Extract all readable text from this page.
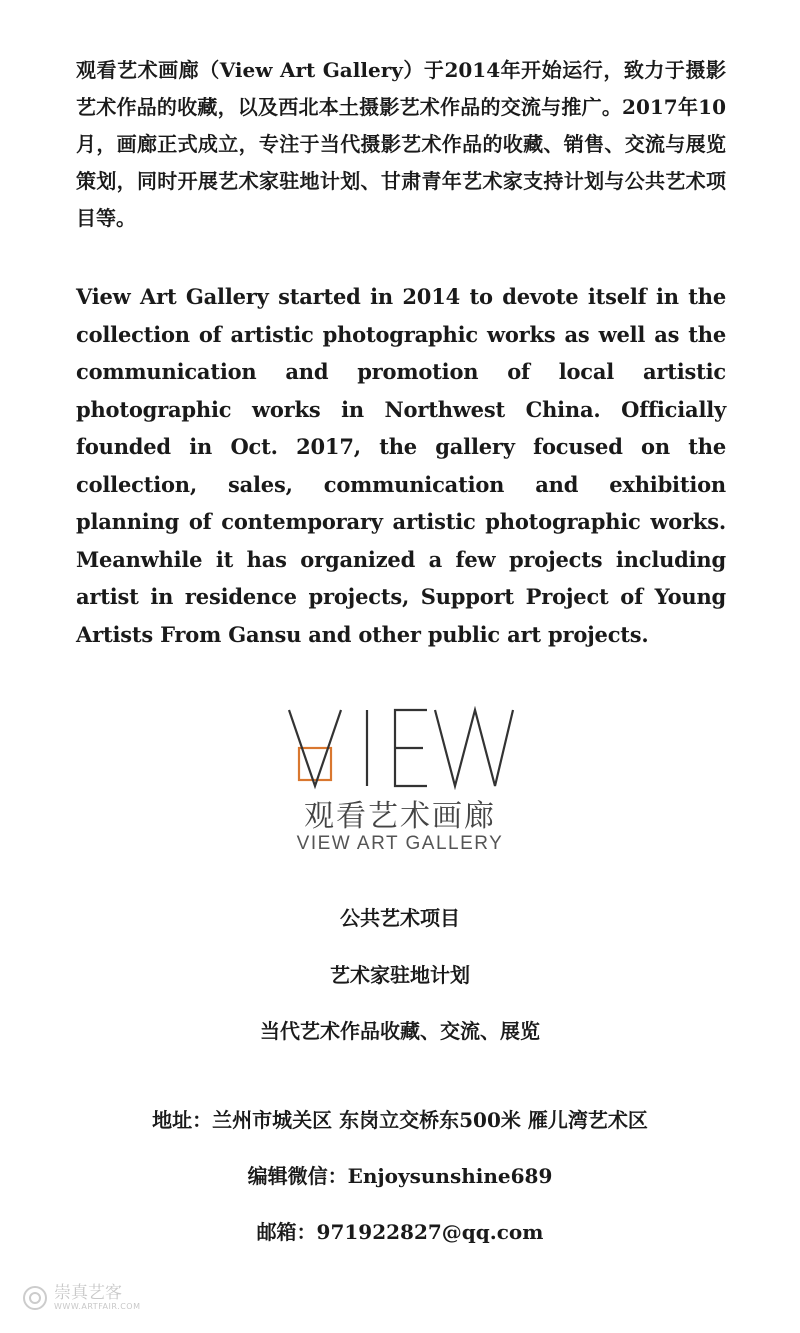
观看艺术画廊（View Art Gallery）于2014年开始运行，致力于摄影艺术作品的收藏，以及西北本土摄影艺术作品的交流与推广。2017年10月，画廊正式成立，专注于当代摄影艺术作品的收藏、销售、交流与展览策划，同时开展艺术家驻地计划、甘肃青年艺术家支持计划与公共艺术项目等。

View Art Gallery started in 2014 to devote itself in the collection of artistic photographic works as well as the communication and promotion of local artistic photographic works in Northwest China. Officially founded in Oct. 2017, the gallery focused on the collection, sales, communication and exhibition planning of contemporary artistic photographic works. Meanwhile it has organized a few projects including artist in residence projects, Support Project of Young Artists From Gansu and other public art projects.

观看艺术画廊
VIEW ART GALLERY
公共艺术项目
艺术家驻地计划
当代艺术作品收藏、交流、展览
地址：兰州市城关区 东岗立交桥东500米 雁儿湾艺术区
编辑微信：Enjoysunshine689
邮箱：971922827@qq.com
崇真艺客
WWW.ARTFAIR.COM
